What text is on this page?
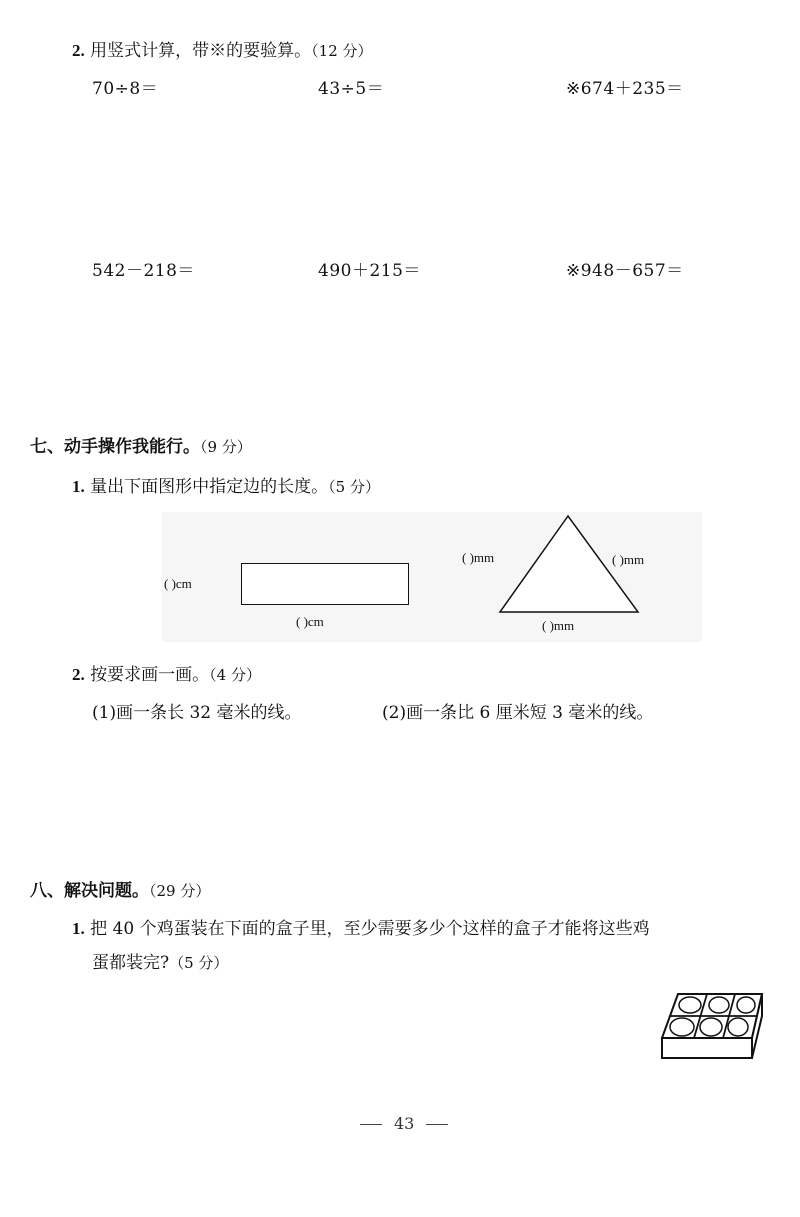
2. 用竖式计算，带※的要验算。（12 分）
70÷8＝	43÷5＝	※674＋235＝
542－218＝	490＋215＝	※948－657＝
七、动手操作我能行。（9 分）
1. 量出下面图形中指定边的长度。（5 分）
( )cm
( )cm
( )mm	( )mm
( )mm
2. 按要求画一画。（4 分）
(1)画一条长 32 毫米的线。	(2)画一条比 6 厘米短 3 毫米的线。
八、解决问题。（29 分）
1. 把 40 个鸡蛋装在下面的盒子里，至少需要多少个这样的盒子才能将这些鸡
蛋都装完?（5 分）
43
